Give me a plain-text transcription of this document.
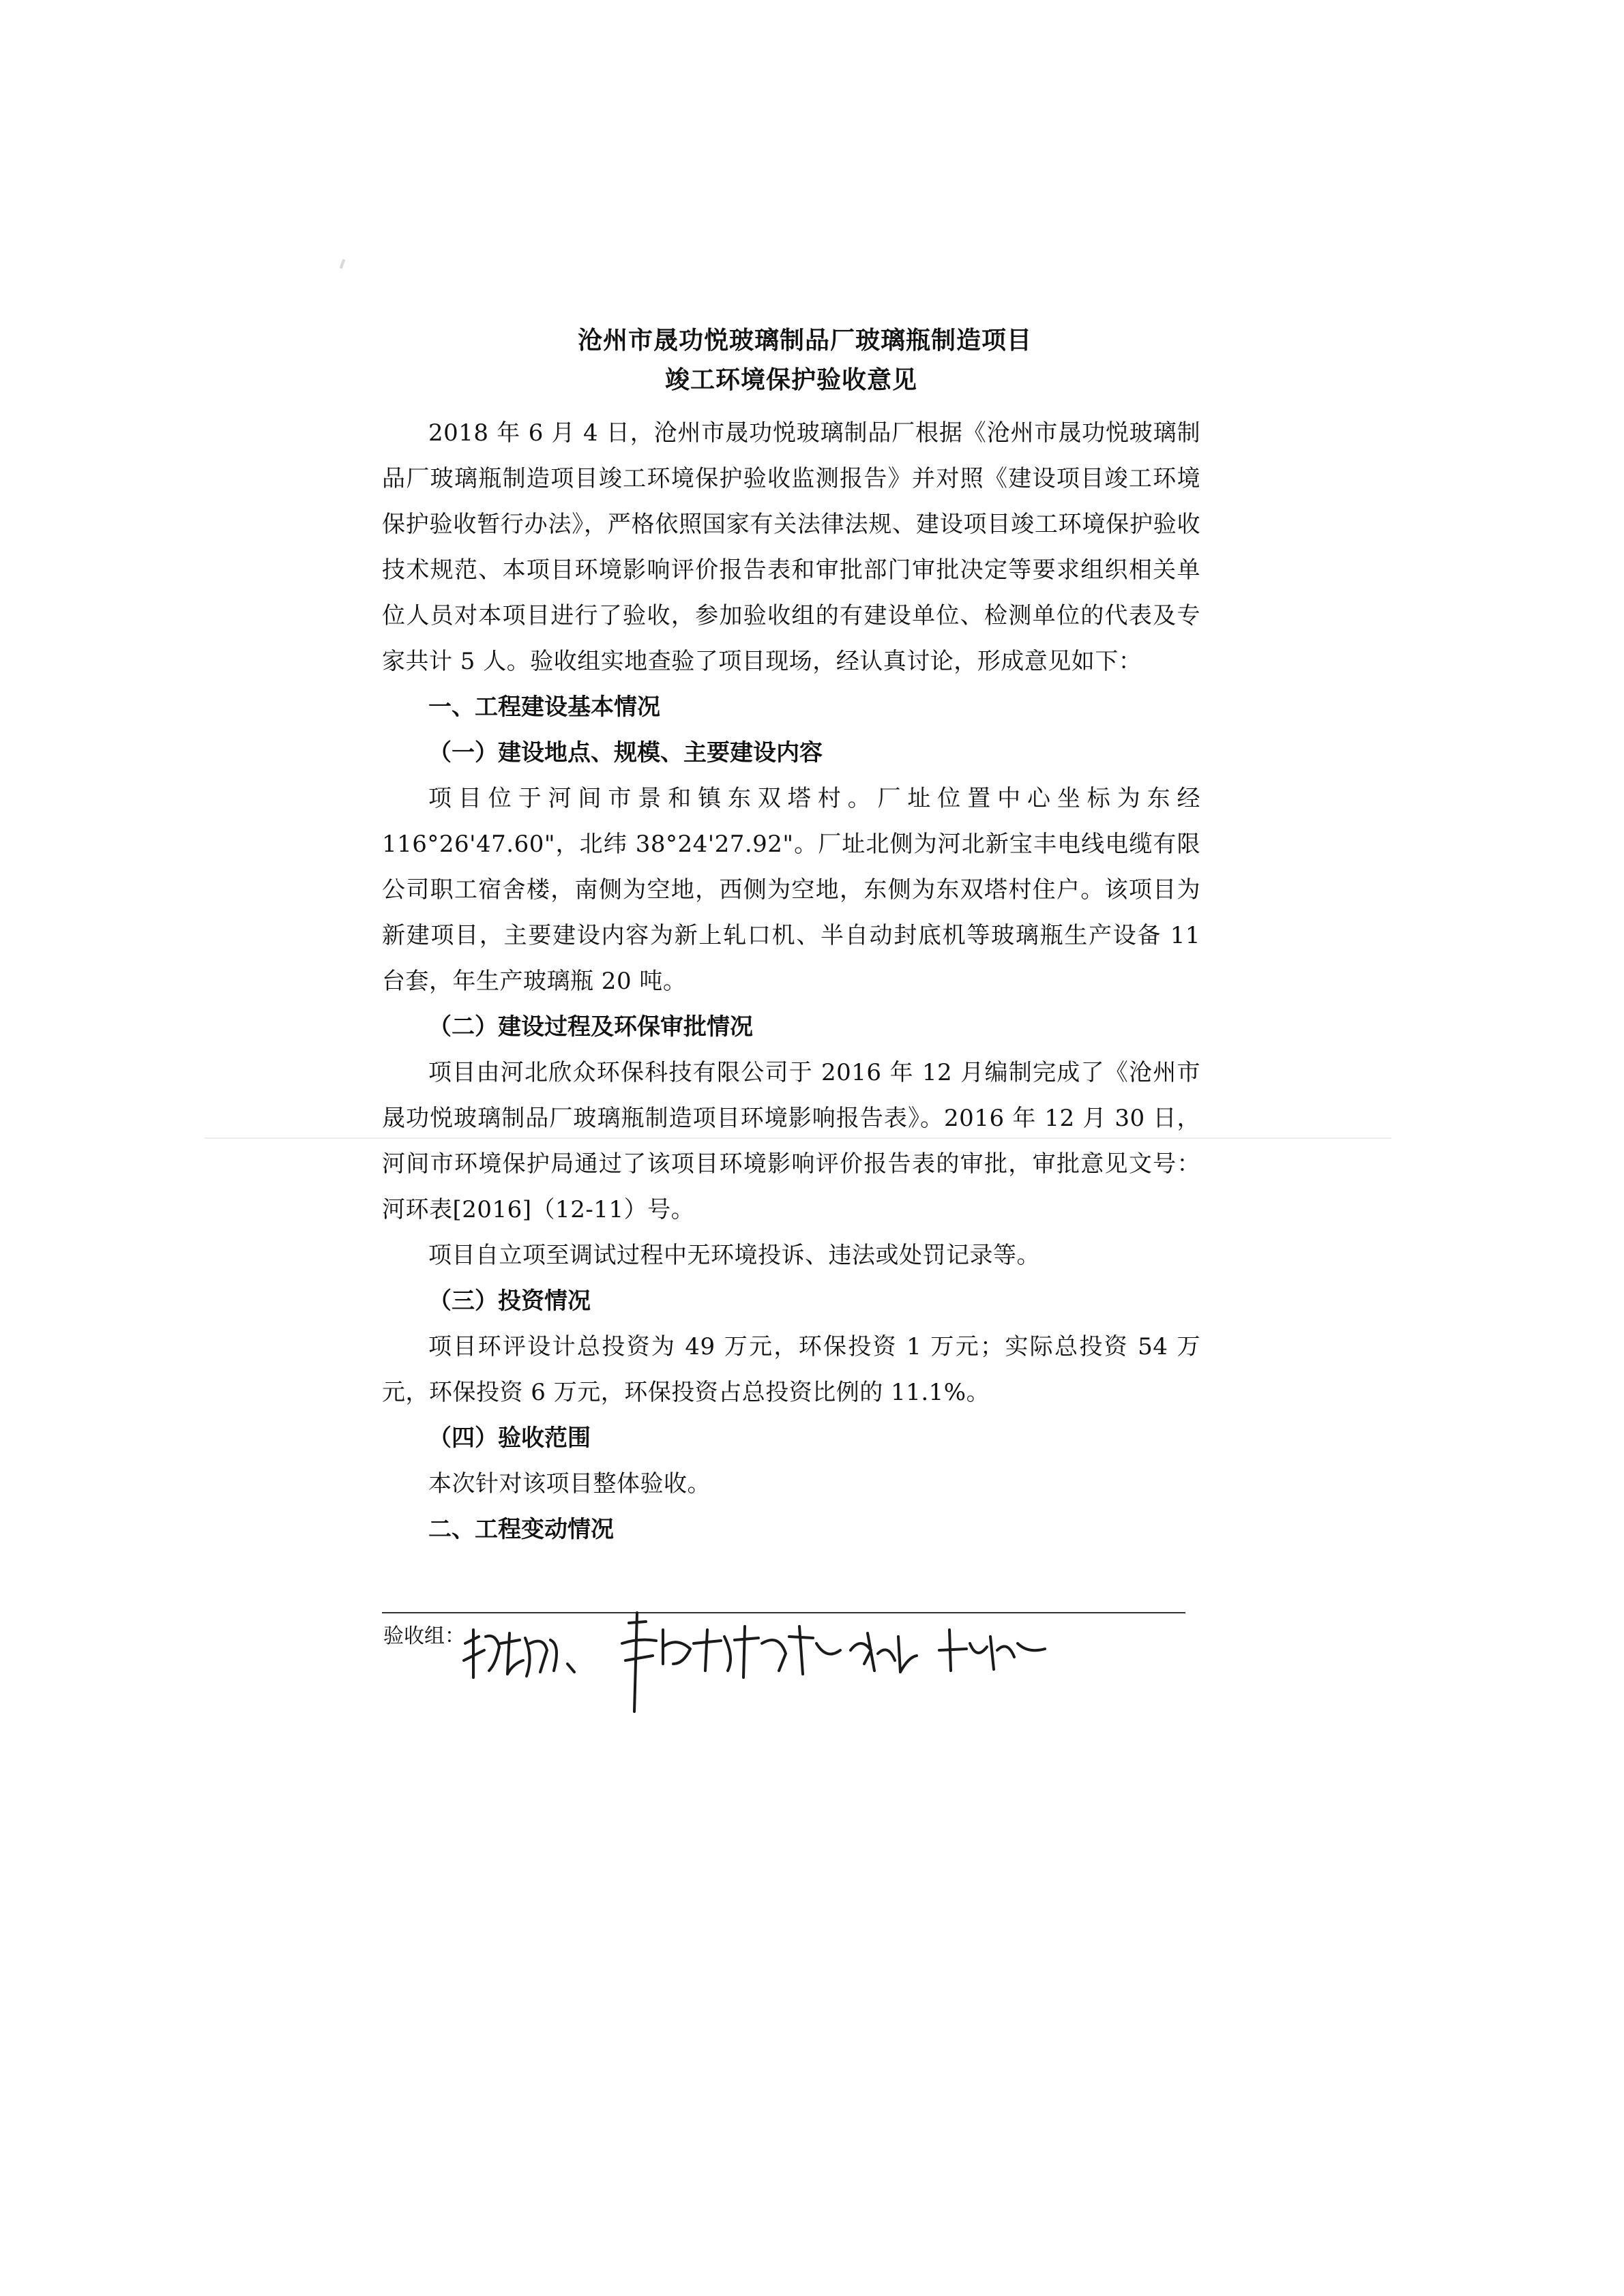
沧州市晟功悦玻璃制品厂玻璃瓶制造项目

竣工环境保护验收意见

2018 年 6 月 4 日，沧州市晟功悦玻璃制品厂根据《沧州市晟功悦玻璃制品厂玻璃瓶制造项目竣工环境保护验收监测报告》并对照《建设项目竣工环境保护验收暂行办法》，严格依照国家有关法律法规、建设项目竣工环境保护验收技术规范、本项目环境影响评价报告表和审批部门审批决定等要求组织相关单位人员对本项目进行了验收，参加验收组的有建设单位、检测单位的代表及专家共计 5 人。验收组实地查验了项目现场，经认真讨论，形成意见如下：

一、工程建设基本情况

（一）建设地点、规模、主要建设内容

项目位于河间市景和镇东双塔村。厂址位置中心坐标为东经 116°26'47.60"，北纬 38°24'27.92"。厂址北侧为河北新宝丰电线电缆有限公司职工宿舍楼，南侧为空地，西侧为空地，东侧为东双塔村住户。该项目为新建项目，主要建设内容为新上轧口机、半自动封底机等玻璃瓶生产设备 11 台套，年生产玻璃瓶 20 吨。

（二）建设过程及环保审批情况

项目由河北欣众环保科技有限公司于 2016 年 12 月编制完成了《沧州市晟功悦玻璃制品厂玻璃瓶制造项目环境影响报告表》。2016 年 12 月 30 日，河间市环境保护局通过了该项目环境影响评价报告表的审批，审批意见文号：河环表[2016]（12-11）号。

项目自立项至调试过程中无环境投诉、违法或处罚记录等。

（三）投资情况

项目环评设计总投资为 49 万元，环保投资 1 万元；实际总投资 54 万元，环保投资 6 万元，环保投资占总投资比例的 11.1%。

（四）验收范围

本次针对该项目整体验收。

二、工程变动情况

验收组：
